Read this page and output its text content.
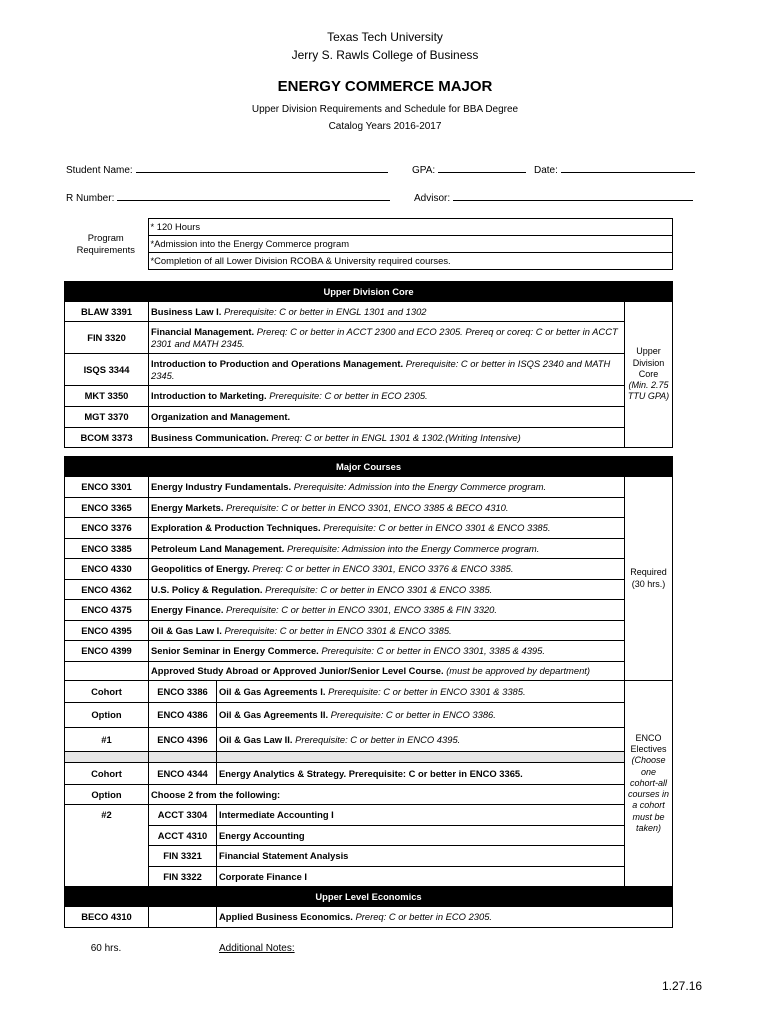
Texas Tech University
Jerry S. Rawls College of Business
ENERGY COMMERCE MAJOR
Upper Division Requirements and Schedule for BBA Degree
Catalog Years 2016-2017
Student Name:	GPA:	Date:
R Number:	Advisor:
Program Requirements	* 120 Hours
*Admission into the Energy Commerce program
*Completion of all Lower Division RCOBA & University required courses.
Upper Division Core		
BLAW 3391	Business Law I. Prerequisite: C or better in ENGL 1301 and 1302	Upper Division Core
(Min. 2.75 TTU GPA)

FIN 3320	Financial Management. Prereq: C or better in ACCT 2300 and ECO 2305. Prereq or coreq: C or better in ACCT 2301 and MATH 2345.	
ISQS 3344	Introduction to Production and Operations Management. Prerequisite: C or better in ISQS 2340 and MATH 2345.	
MKT 3350	Introduction to Marketing. Prerequisite: C or better in ECO 2305.	
MGT 3370	Organization and Management.	
BCOM 3373	Business Communication. Prereq: C or better in ENGL 1301 & 1302.(Writing Intensive)	
Major Courses			
ENCO 3301	Energy Industry Fundamentals. Prerequisite: Admission into the Energy Commerce program.		Required (30 hrs.)
ENCO 3365	Energy Markets. Prerequisite: C or better in ENCO 3301, ENCO 3385 & BECO 4310.		
ENCO 3376	Exploration & Production Techniques. Prerequisite: C or better in ENCO 3301 & ENCO 3385.		
ENCO 3385	Petroleum Land Management. Prerequisite: Admission into the Energy Commerce program.		
ENCO 4330	Geopolitics of Energy. Prereq: C or better in ENCO 3301, ENCO 3376 & ENCO 3385.		
ENCO 4362	U.S. Policy & Regulation. Prerequisite: C or better in ENCO 3301 & ENCO 3385.		
ENCO 4375	Energy Finance. Prerequisite: C or better in ENCO 3301, ENCO 3385 & FIN 3320.		
ENCO 4395	Oil & Gas Law I. Prerequisite: C or better in ENCO 3301 & ENCO 3385.		
ENCO 4399	Senior Seminar in Energy Commerce. Prerequisite: C or better in ENCO 3301, 3385 & 4395.		
	Approved Study Abroad or Approved Junior/Senior Level Course. (must be approved by department)		
Cohort	ENCO 3386	Oil & Gas Agreements I. Prerequisite: C or better in ENCO 3301 & 3385.	ENCO Electives
(Choose one cohort-all courses in a cohort must be taken)

Option	ENCO 4386	Oil & Gas Agreements II. Prerequisite: C or better in ENCO 3386.	
#1	ENCO 4396	Oil & Gas Law II. Prerequisite: C or better in ENCO 4395.	

Cohort	ENCO 4344	Energy Analytics & Strategy. Prerequisite: C or better in ENCO 3365.	
Option	Choose 2 from the following:		
#2	ACCT 3304	Intermediate Accounting I	
	ACCT 4310	Energy Accounting	
	FIN 3321	Financial Statement Analysis	
	FIN 3322	Corporate Finance I	
Upper Level Economics			
BECO 4310		Applied Business Economics. Prereq: C or better in ECO 2305.	
60 hrs.	Additional Notes:
1.27.16
